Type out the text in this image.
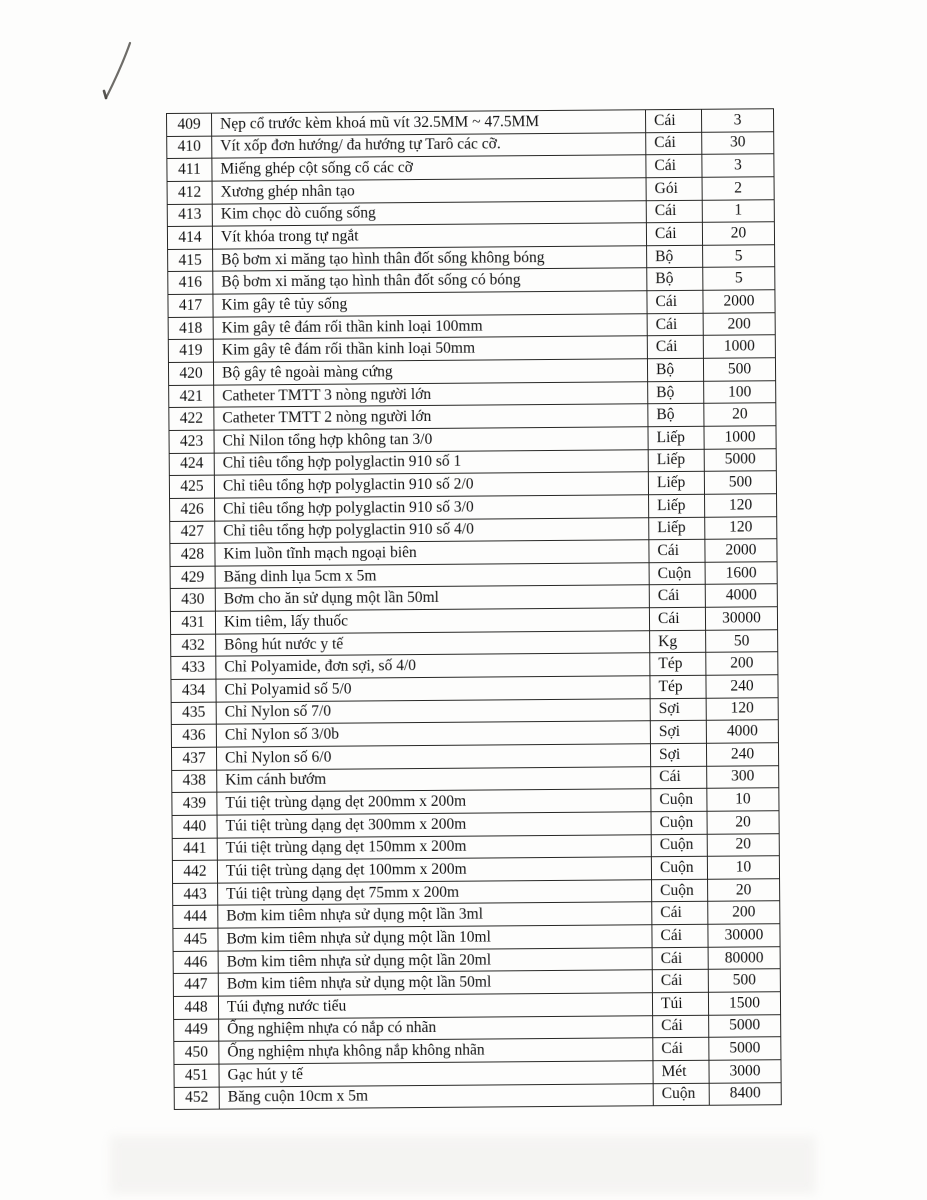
409	Nẹp cổ trước kèm khoá mũ vít 32.5MM ~ 47.5MM	Cái	3
410	Vít xốp đơn hướng/ đa hướng tự Tarô các cỡ.	Cái	30
411	Miếng ghép cột sống cổ các cỡ	Cái	3
412	Xương ghép nhân tạo	Gói	2
413	Kim chọc dò cuống sống	Cái	1
414	Vít khóa trong tự ngắt	Cái	20
415	Bộ bơm xi măng tạo hình thân đốt sống không bóng	Bộ	5
416	Bộ bơm xi măng tạo hình thân đốt sống có bóng	Bộ	5
417	Kim gây tê tủy sống	Cái	2000
418	Kim gây tê đám rối thần kinh loại 100mm	Cái	200
419	Kim gây tê đám rối thần kinh loại 50mm	Cái	1000
420	Bộ gây tê ngoài màng cứng	Bộ	500
421	Catheter TMTT 3 nòng người lớn	Bộ	100
422	Catheter TMTT 2 nòng người lớn	Bộ	20
423	Chỉ Nilon tổng hợp không tan 3/0	Liếp	1000
424	Chỉ tiêu tổng hợp polyglactin 910 số 1	Liếp	5000
425	Chỉ tiêu tổng hợp polyglactin 910 số 2/0	Liếp	500
426	Chỉ tiêu tổng hợp polyglactin 910 số 3/0	Liếp	120
427	Chỉ tiêu tổng hợp polyglactin 910 số 4/0	Liếp	120
428	Kim luồn tĩnh mạch ngoại biên	Cái	2000
429	Băng dinh lụa 5cm x 5m	Cuộn	1600
430	Bơm cho ăn sử dụng một lần 50ml	Cái	4000
431	Kim tiêm, lấy thuốc	Cái	30000
432	Bông hút nước y tế	Kg	50
433	Chỉ Polyamide, đơn sợi, số 4/0	Tép	200
434	Chỉ Polyamid số 5/0	Tép	240
435	Chỉ Nylon số 7/0	Sợi	120
436	Chỉ Nylon số 3/0b	Sợi	4000
437	Chỉ Nylon số 6/0	Sợi	240
438	Kim cánh bướm	Cái	300
439	Túi tiệt trùng dạng dẹt 200mm x 200m	Cuộn	10
440	Túi tiệt trùng dạng dẹt 300mm x 200m	Cuộn	20
441	Túi tiệt trùng dạng dẹt 150mm x 200m	Cuộn	20
442	Túi tiệt trùng dạng dẹt 100mm x 200m	Cuộn	10
443	Túi tiệt trùng dạng dẹt 75mm x 200m	Cuộn	20
444	Bơm kim tiêm nhựa sử dụng một lần 3ml	Cái	200
445	Bơm kim tiêm nhựa sử dụng một lần 10ml	Cái	30000
446	Bơm kim tiêm nhựa sử dụng một lần 20ml	Cái	80000
447	Bơm kim tiêm nhựa sử dụng một lần 50ml	Cái	500
448	Túi đựng nước tiểu	Túi	1500
449	Ống nghiệm nhựa có nắp có nhãn	Cái	5000
450	Ống nghiệm nhựa không nắp không nhãn	Cái	5000
451	Gạc hút y tế	Mét	3000
452	Băng cuộn 10cm x 5m	Cuộn	8400
